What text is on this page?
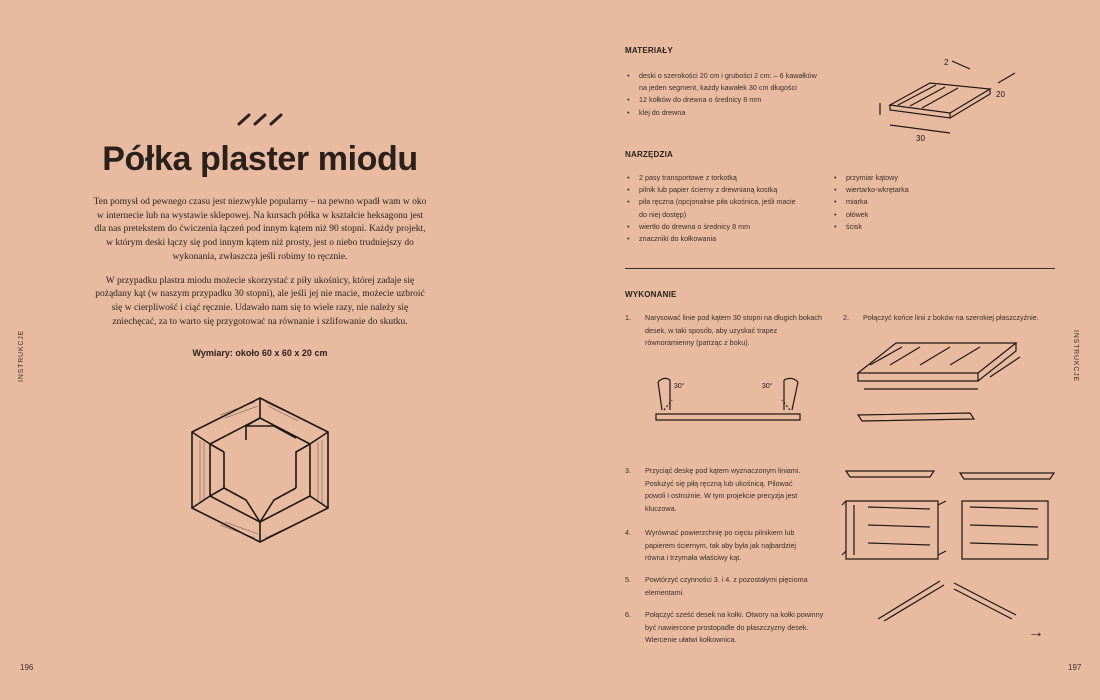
INSTRUKCJE
196
Półka plaster miodu

Ten pomysł od pewnego czasu jest niezwykle popularny – na pewno wpadł wam w oko w internecie lub na wystawie sklepowej. Na kursach półka w kształcie heksagonu jest dla nas pretekstem do ćwiczenia łączeń pod innym kątem niż 90 stopni. Każdy projekt, w którym deski łączy się pod innym kątem niż prosty, jest o niebo trudniejszy do wykonania, zwłaszcza jeśli robimy to ręcznie.

W przypadku plastra miodu możecie skorzystać z piły ukośnicy, której zadaje się pożądany kąt (w naszym przypadku 30 stopni), ale jeśli jej nie macie, możecie uzbroić się w cierpliwość i ciąć ręcznie. Udawało nam się to wiele razy, nie należy się zniechęcać, za to warto się przygotować na równanie i szlifowanie do skutku.

Wymiary: około 60 x 60 x 20 cm	INSTRUKCJE
197
MATERIAŁY
• deski o szerokości 20 cm i grubości 2 cm: – 6 kawałków na jeden segment, każdy kawałek 30 cm długości
• 12 kołków do drewna o średnicy 8 mm
• klej do drewna
2
20
30
NARZĘDZIA
• 2 pasy transportowe z torkotką
• pilnik lub papier ścierny z drewnianą kostką
• piła ręczna (opcjonalnie piła ukośnica, jeśli macie do niej dostęp)
• wiertło do drewna o średnicy 8 mm
• znaczniki do kołkowania
• przymiar kątowy
• wiertarko-wkrętarka
• miarka
• ołówek
• ścisk
WYKONANIE
1. Narysować linie pod kątem 30 stopni na długich bokach desek, w taki sposób, aby uzyskać trapez równoramienny (patrząc z boku).
30°	30°
2. Połączyć końce linii z boków na szerokiej płaszczyźnie.
3. Przyciąć deskę pod kątem wyznaczonym liniami. Posłużyć się piłą ręczną lub ukośnicą. Pilować powoli i ostrożnie. W tym projekcie precyzja jest kluczowa.
4. Wyrównać powierzchnię po cięciu pilnikiem lub papierem ściernym, tak aby była jak najbardziej równa i trzymała właściwy kąt.
5. Powtórzyć czynności 3. i 4. z pozostałymi pięcioma elementami.
6. Połączyć sześć desek na kołki. Otwory na kołki powinny być nawiercone prostopadle do płaszczyzny desek. Wiercenie ułatwi kołkownica.	→
